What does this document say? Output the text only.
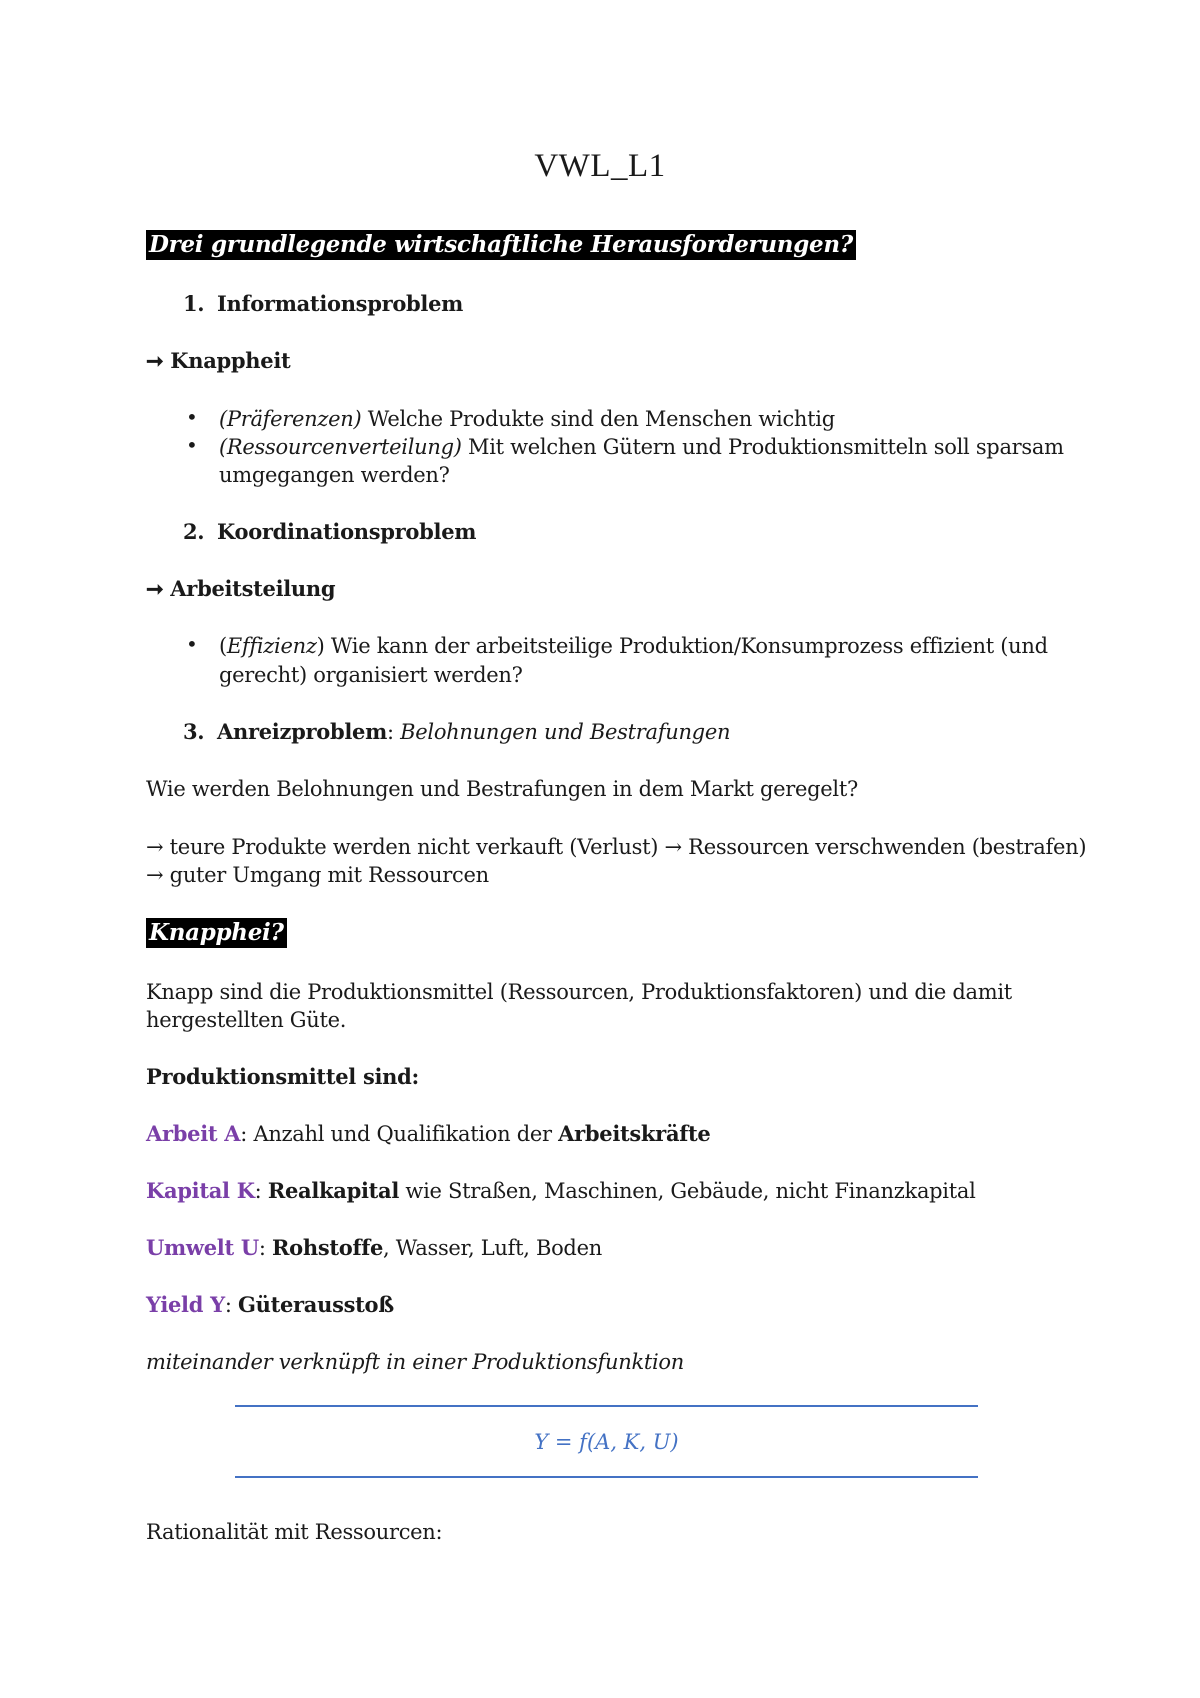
VWL_L1
Drei grundlegende wirtschaftliche Herausforderungen?
1. Informationsproblem
➞ Knappheit
• (Präferenzen) Welche Produkte sind den Menschen wichtig
• (Ressourcenverteilung) Mit welchen Gütern und Produktionsmitteln soll sparsam
umgegangen werden?
2. Koordinationsproblem
➞ Arbeitsteilung
• (Effizienz) Wie kann der arbeitsteilige Produktion/Konsumprozess effizient (und
gerecht) organisiert werden?
3. Anreizproblem: Belohnungen und Bestrafungen
Wie werden Belohnungen und Bestrafungen in dem Markt geregelt?
→ teure Produkte werden nicht verkauft (Verlust) → Ressourcen verschwenden (bestrafen)
→ guter Umgang mit Ressourcen
Knapphei?
Knapp sind die Produktionsmittel (Ressourcen, Produktionsfaktoren) und die damit
hergestellten Güte.
Produktionsmittel sind:
Arbeit A: Anzahl und Qualifikation der Arbeitskräfte
Kapital K: Realkapital wie Straßen, Maschinen, Gebäude, nicht Finanzkapital
Umwelt U: Rohstoffe, Wasser, Luft, Boden
Yield Y: Güterausstoß
miteinander verknüpft in einer Produktionsfunktion
Y = f(A, K, U)
Rationalität mit Ressourcen:
